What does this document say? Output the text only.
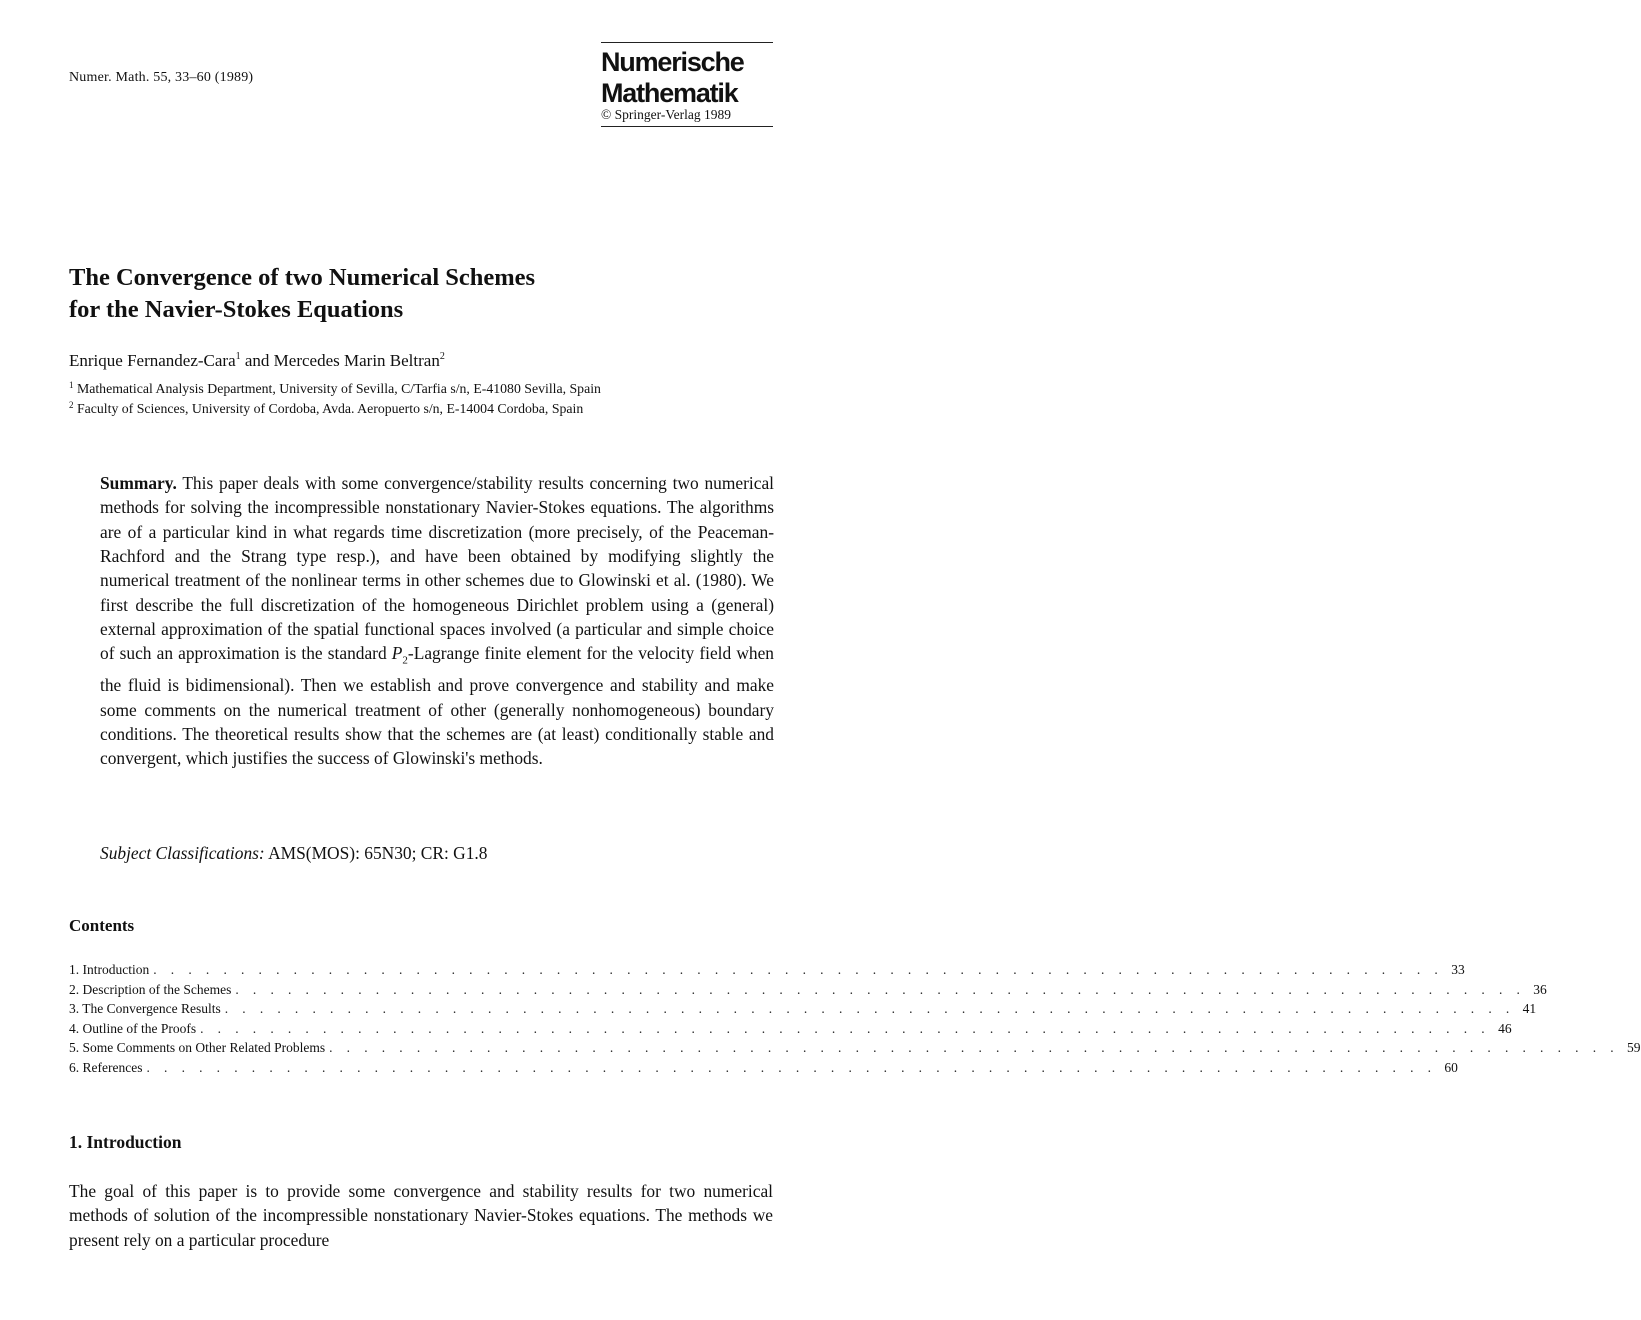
Numer. Math. 55, 33–60 (1989)
Numerische
Mathematik
© Springer-Verlag 1989
The Convergence of two Numerical Schemes
for the Navier-Stokes Equations
Enrique Fernandez-Cara$^1$ and Mercedes Marin Beltran$^2$
$^1$ Mathematical Analysis Department, University of Sevilla, C/Tarfia s/n, E-41080 Sevilla, Spain
$^2$ Faculty of Sciences, University of Cordoba, Avda. Aeropuerto s/n, E-14004 Cordoba, Spain

Summary. This paper deals with some convergence/stability results concerning two numerical methods for solving the incompressible nonstationary Navier-Stokes equations. The algorithms are of a particular kind in what regards time discretization (more precisely, of the Peaceman-Rachford and the Strang type resp.), and have been obtained by modifying slightly the numerical treatment of the nonlinear terms in other schemes due to Glowinski et al. (1980). We first describe the full discretization of the homogeneous Dirichlet problem using a (general) external approximation of the spatial functional spaces involved (a particular and simple choice of such an approximation is the standard $P_2$-Lagrange finite element for the velocity field when the fluid is bidimensional). Then we establish and prove convergence and stability and make some comments on the numerical treatment of other (generally nonhomogeneous) boundary conditions. The theoretical results show that the schemes are (at least) conditionally stable and convergent, which justifies the success of Glowinski's methods.

Subject Classifications: AMS(MOS): 65N30; CR: G1.8
Contents
1. Introduction . . . . . . . . . . . . . . . . . . . . . . . . . . . . . . . . . . . . . . . . . . . . . . . . . . . . . . . . . . . . . . . . . . . . . . . . . . 33
2. Description of the Schemes . . . . . . . . . . . . . . . . . . . . . . . . . . . . . . . . . . . . . . . . . . . . . . . . . . . . . . . . . . . . . . . . . . . . . . . . . . 36
3. The Convergence Results . . . . . . . . . . . . . . . . . . . . . . . . . . . . . . . . . . . . . . . . . . . . . . . . . . . . . . . . . . . . . . . . . . . . . . . . . . 41
4. Outline of the Proofs . . . . . . . . . . . . . . . . . . . . . . . . . . . . . . . . . . . . . . . . . . . . . . . . . . . . . . . . . . . . . . . . . . . . . . . . . . 46
5. Some Comments on Other Related Problems . . . . . . . . . . . . . . . . . . . . . . . . . . . . . . . . . . . . . . . . . . . . . . . . . . . . . . . . . . . . . . . . . . . . . . . . . . 59
6. References . . . . . . . . . . . . . . . . . . . . . . . . . . . . . . . . . . . . . . . . . . . . . . . . . . . . . . . . . . . . . . . . . . . . . . . . . . 60
1. Introduction
The goal of this paper is to provide some convergence and stability results for two numerical methods of solution of the incompressible nonstationary Navier-Stokes equations. The methods we present rely on a particular procedure
